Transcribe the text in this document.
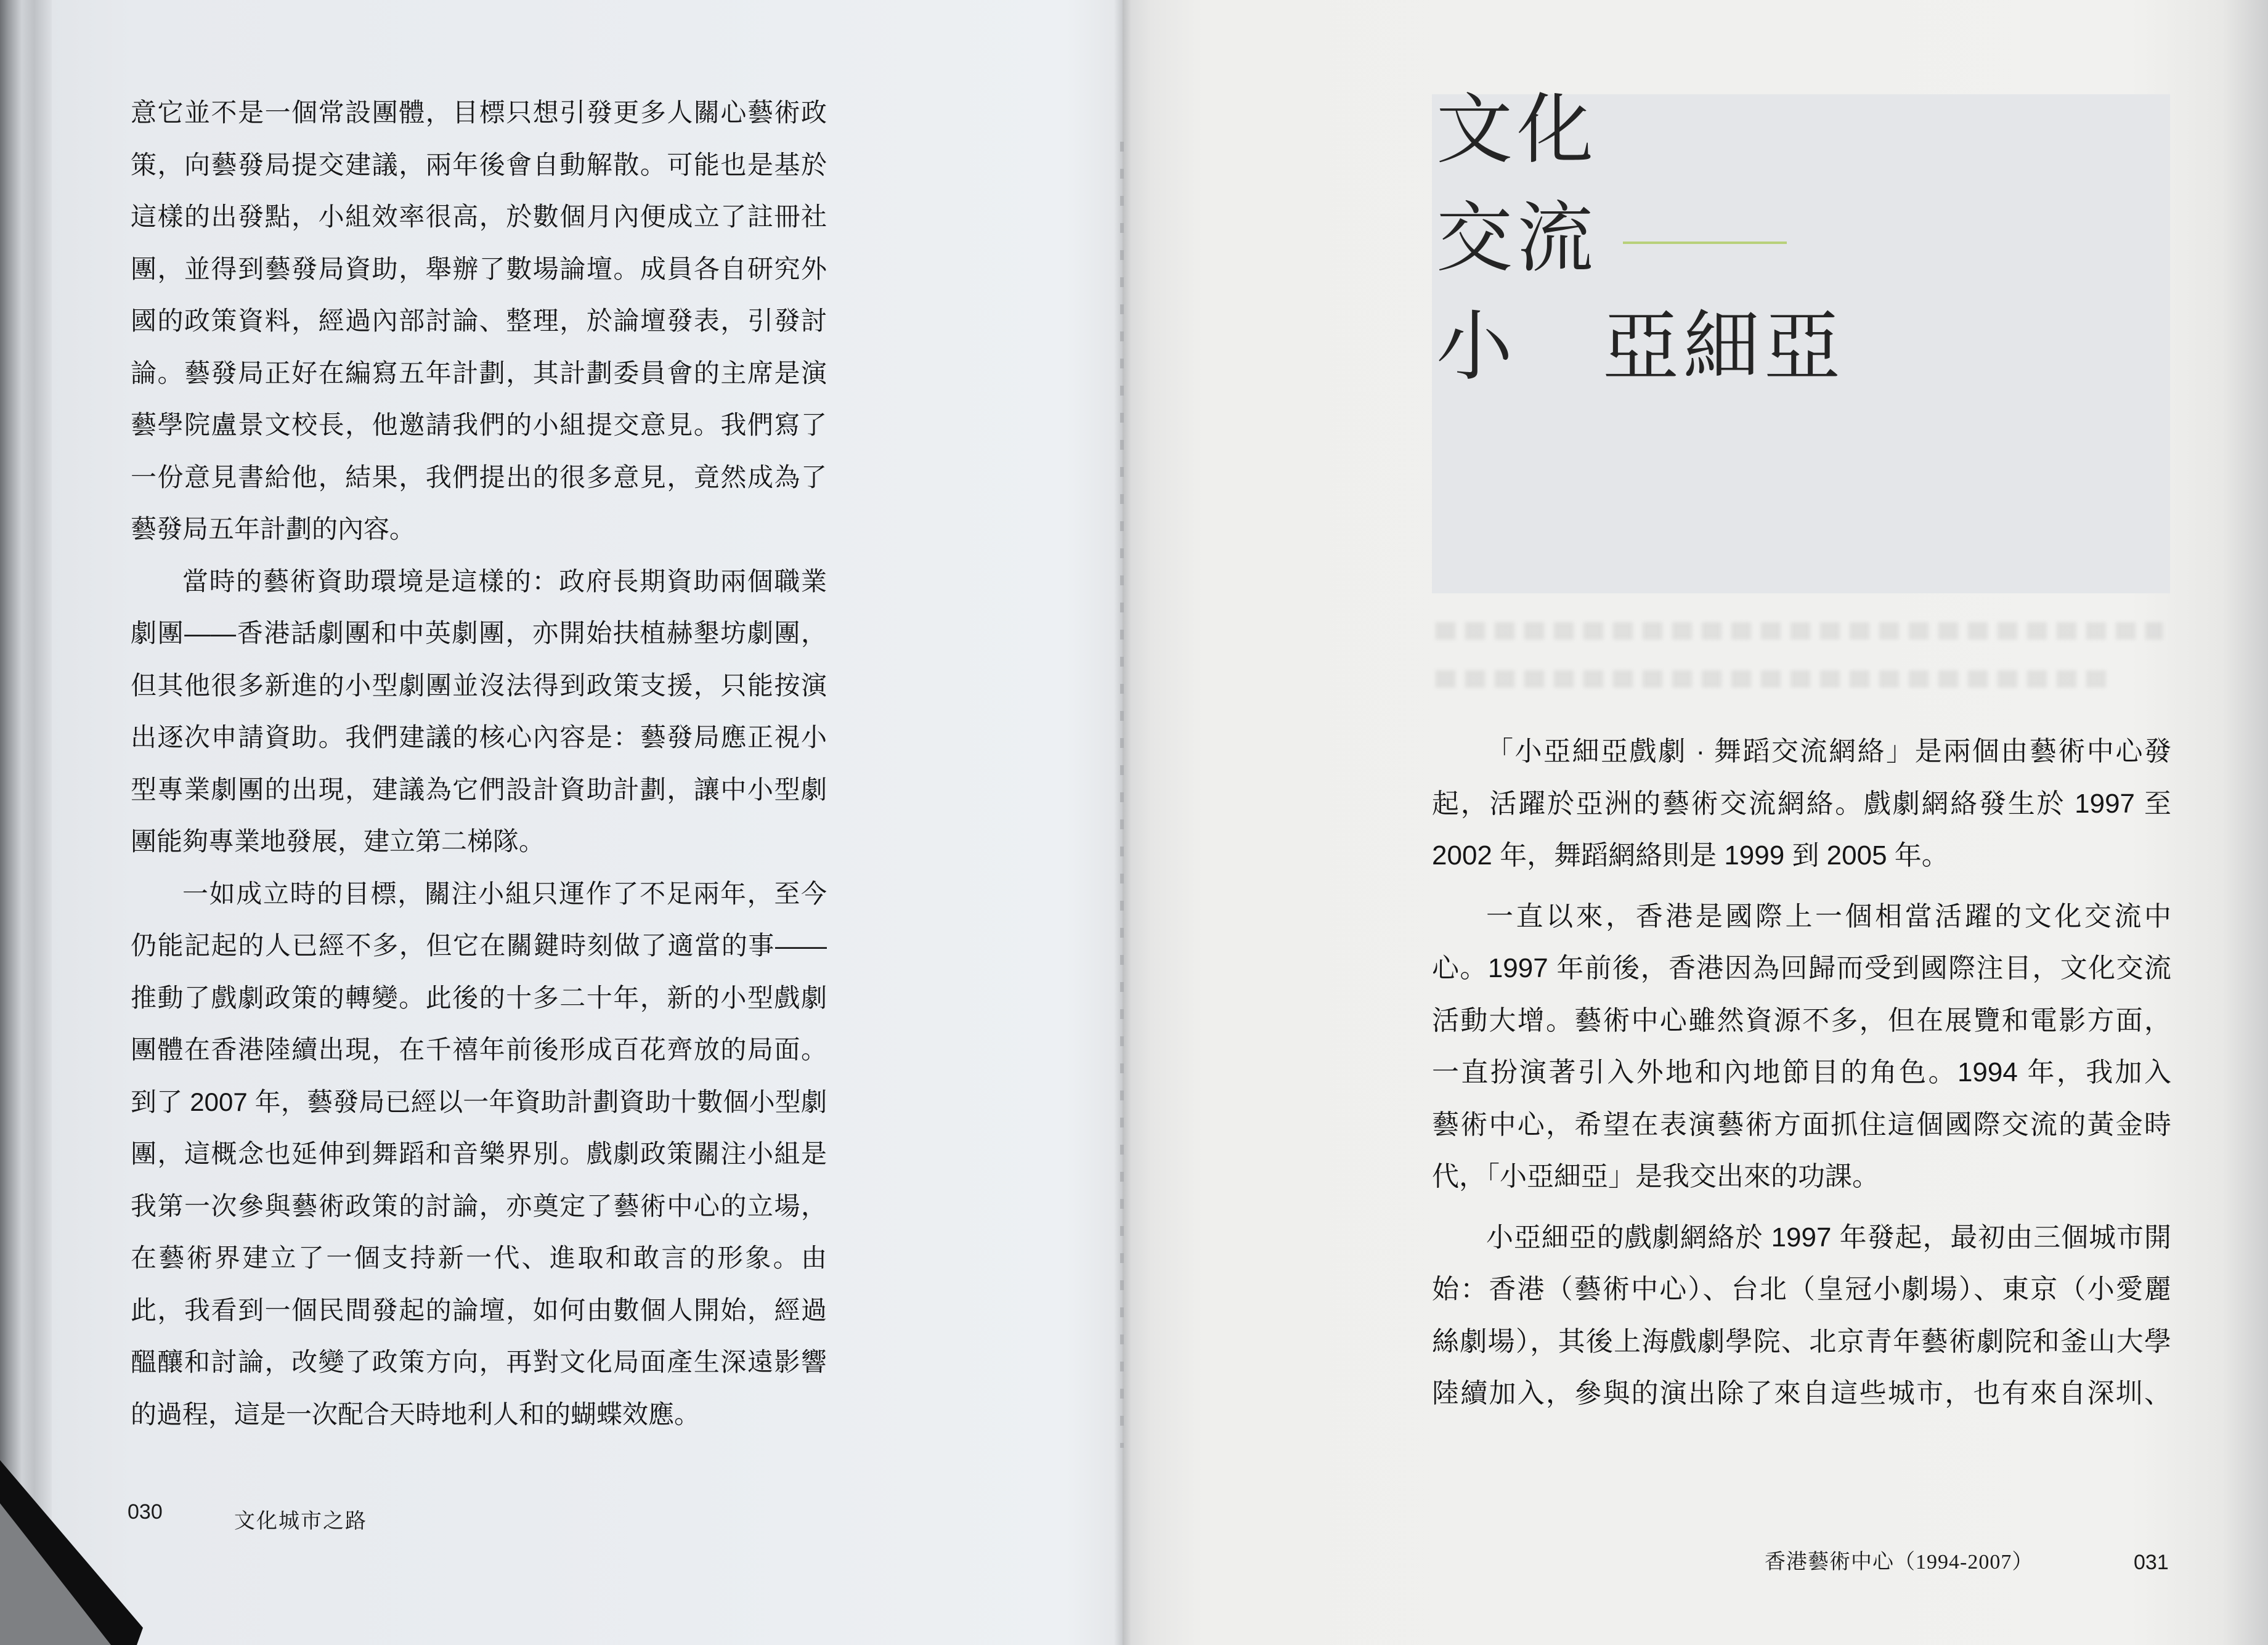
意它並不是一個常設團體，目標只想引發更多人關心藝術政
策，向藝發局提交建議，兩年後會自動解散。可能也是基於
這樣的出發點，小組效率很高，於數個月內便成立了註冊社
團，並得到藝發局資助，舉辦了數場論壇。成員各自研究外
國的政策資料，經過內部討論、整理，於論壇發表，引發討
論。藝發局正好在編寫五年計劃，其計劃委員會的主席是演
藝學院盧景文校長，他邀請我們的小組提交意見。我們寫了
一份意見書給他，結果，我們提出的很多意見，竟然成為了
藝發局五年計劃的內容。
當時的藝術資助環境是這樣的：政府長期資助兩個職業
劇團——香港話劇團和中英劇團，亦開始扶植赫墾坊劇團，
但其他很多新進的小型劇團並沒法得到政策支援，只能按演
出逐次申請資助。我們建議的核心內容是：藝發局應正視小
型專業劇團的出現，建議為它們設計資助計劃，讓中小型劇
團能夠專業地發展，建立第二梯隊。
一如成立時的目標，關注小組只運作了不足兩年，至今
仍能記起的人已經不多，但它在關鍵時刻做了適當的事——
推動了戲劇政策的轉變。此後的十多二十年，新的小型戲劇
團體在香港陸續出現，在千禧年前後形成百花齊放的局面。
到了 2007 年，藝發局已經以一年資助計劃資助十數個小型劇
團，這概念也延伸到舞蹈和音樂界別。戲劇政策關注小組是
我第一次參與藝術政策的討論，亦奠定了藝術中心的立場，
在藝術界建立了一個支持新一代、進取和敢言的形象。由
此，我看到一個民間發起的論壇，如何由數個人開始，經過
醞釀和討論，改變了政策方向，再對文化局面產生深遠影響
的過程，這是一次配合天時地利人和的蝴蝶效應。
030	文化城市之路
文化
交流
小 亞細亞
「小亞細亞戲劇 · 舞蹈交流網絡」是兩個由藝術中心發
起，活躍於亞洲的藝術交流網絡。戲劇網絡發生於 1997 至
2002 年，舞蹈網絡則是 1999 到 2005 年。
一直以來，香港是國際上一個相當活躍的文化交流中
心。1997 年前後，香港因為回歸而受到國際注目，文化交流
活動大增。藝術中心雖然資源不多，但在展覽和電影方面，
一直扮演著引入外地和內地節目的角色。1994 年，我加入
藝術中心，希望在表演藝術方面抓住這個國際交流的黃金時
代，「小亞細亞」是我交出來的功課。
小亞細亞的戲劇網絡於 1997 年發起，最初由三個城市開
始：香港（藝術中心）、台北（皇冠小劇場）、東京（小愛麗
絲劇場），其後上海戲劇學院、北京青年藝術劇院和釜山大學
陸續加入，參與的演出除了來自這些城市，也有來自深圳、
香港藝術中心（1994-2007）	031
